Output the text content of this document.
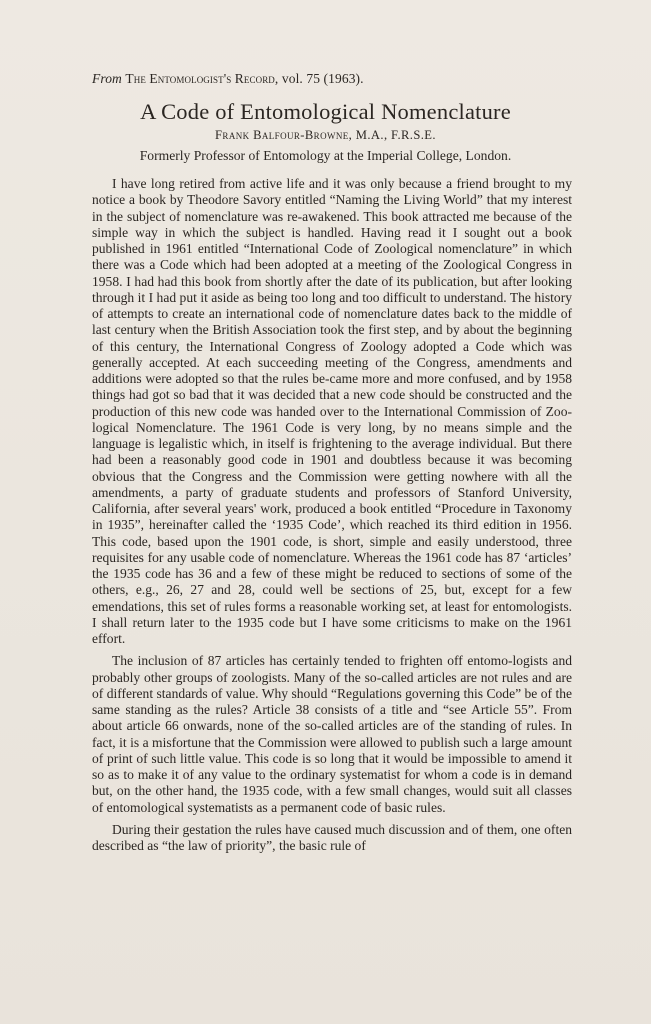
From The Entomologist's Record, vol. 75 (1963).
A Code of Entomological Nomenclature
Frank Balfour-Browne, M.A., F.R.S.E.
Formerly Professor of Entomology at the Imperial College, London.

I have long retired from active life and it was only because a friend brought to my notice a book by Theodore Savory entitled “Naming the Living World” that my interest in the subject of nomenclature was re-awakened. This book attracted me because of the simple way in which the subject is handled. Having read it I sought out a book published in 1961 entitled “International Code of Zoological nomenclature” in which there was a Code which had been adopted at a meeting of the Zoological Congress in 1958. I had had this book from shortly after the date of its publication, but after looking through it I had put it aside as being too long and too difficult to understand. The history of attempts to create an international code of nomenclature dates back to the middle of last century when the British Association took the first step, and by about the beginning of this century, the International Congress of Zoology adopted a Code which was generally accepted. At each succeeding meeting of the Congress, amendments and additions were adopted so that the rules be-came more and more confused, and by 1958 things had got so bad that it was decided that a new code should be constructed and the production of this new code was handed over to the International Commission of Zoo-logical Nomenclature. The 1961 Code is very long, by no means simple and the language is legalistic which, in itself is frightening to the average individual. But there had been a reasonably good code in 1901 and doubtless because it was becoming obvious that the Congress and the Commission were getting nowhere with all the amendments, a party of graduate students and professors of Stanford University, California, after several years' work, produced a book entitled “Procedure in Taxonomy in 1935”, hereinafter called the ‘1935 Code’, which reached its third edition in 1956. This code, based upon the 1901 code, is short, simple and easily understood, three requisites for any usable code of nomenclature. Whereas the 1961 code has 87 ‘articles’ the 1935 code has 36 and a few of these might be reduced to sections of some of the others, e.g., 26, 27 and 28, could well be sections of 25, but, except for a few emendations, this set of rules forms a reasonable working set, at least for entomologists. I shall return later to the 1935 code but I have some criticisms to make on the 1961 effort.

The inclusion of 87 articles has certainly tended to frighten off entomo-logists and probably other groups of zoologists. Many of the so-called articles are not rules and are of different standards of value. Why should “Regulations governing this Code” be of the same standing as the rules? Article 38 consists of a title and “see Article 55”. From about article 66 onwards, none of the so-called articles are of the standing of rules. In fact, it is a misfortune that the Commission were allowed to publish such a large amount of print of such little value. This code is so long that it would be impossible to amend it so as to make it of any value to the ordinary systematist for whom a code is in demand but, on the other hand, the 1935 code, with a few small changes, would suit all classes of entomological systematists as a permanent code of basic rules.

During their gestation the rules have caused much discussion and of them, one often described as “the law of priority”, the basic rule of
